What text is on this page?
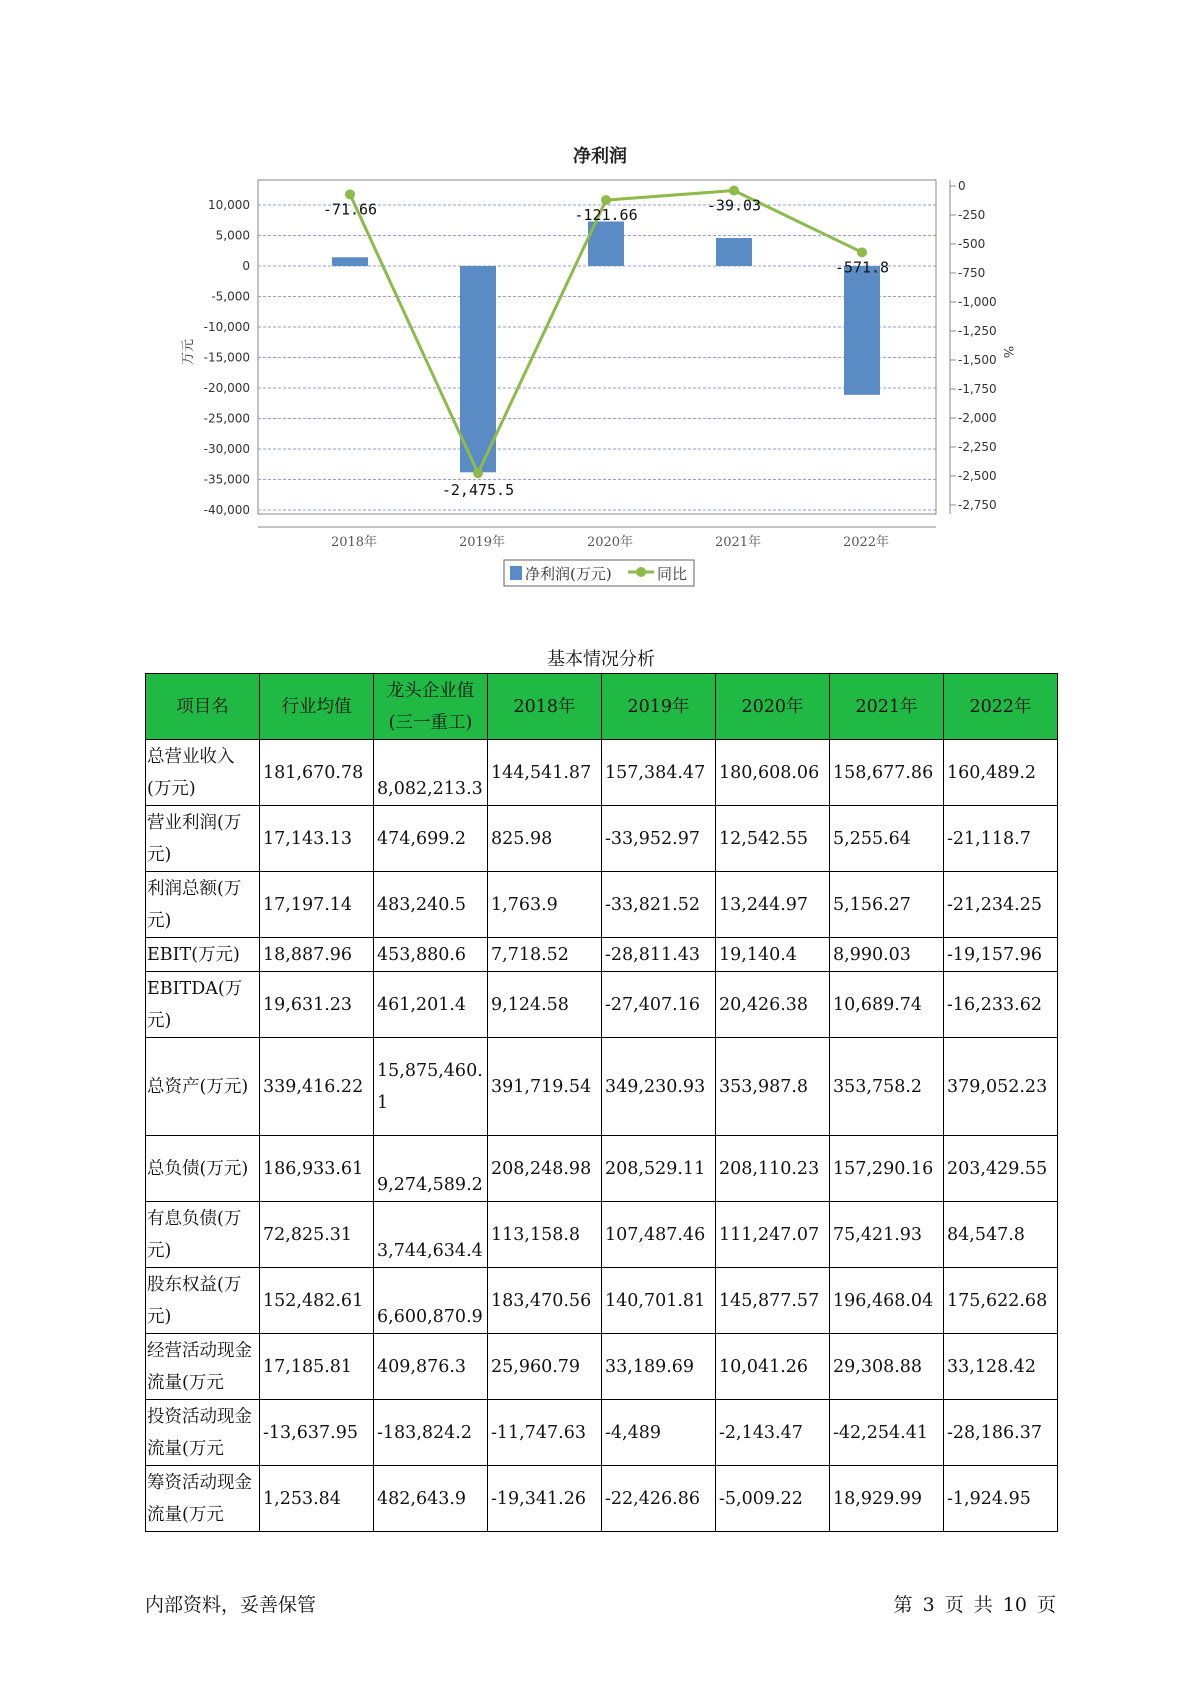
净利润
10,000
5,000
0
-5,000
-10,000
-15,000
-20,000
-25,000
-30,000
-35,000
-40,000
0
-250
-500
-750
-1,000
-1,250
-1,500
-1,750
-2,000
-2,250
-2,500
-2,750
2018年	2019年	2020年	2021年	2022年
-71.66
-2,475.5
-121.66
-39.03
-571.8
万元	%
净利润(万元)	同比
基本情况分析
项目名	行业均值	龙头企业值(三一重工)	2018年	2019年	2020年	2021年	2022年
总营业收入(万元)	181,670.78	8,082,213.3	144,541.87	157,384.47	180,608.06	158,677.86	160,489.2
营业利润(万元)	17,143.13	474,699.2	825.98	-33,952.97	12,542.55	5,255.64	-21,118.7
利润总额(万元)	17,197.14	483,240.5	1,763.9	-33,821.52	13,244.97	5,156.27	-21,234.25
EBIT(万元)	18,887.96	453,880.6	7,718.52	-28,811.43	19,140.4	8,990.03	-19,157.96
EBITDA(万元)	19,631.23	461,201.4	9,124.58	-27,407.16	20,426.38	10,689.74	-16,233.62
总资产(万元)	339,416.22	15,875,460.1	391,719.54	349,230.93	353,987.8	353,758.2	379,052.23
总负债(万元)	186,933.61	9,274,589.2	208,248.98	208,529.11	208,110.23	157,290.16	203,429.55
有息负债(万元)	72,825.31	3,744,634.4	113,158.8	107,487.46	111,247.07	75,421.93	84,547.8
股东权益(万元)	152,482.61	6,600,870.9	183,470.56	140,701.81	145,877.57	196,468.04	175,622.68
经营活动现金流量(万元	17,185.81	409,876.3	25,960.79	33,189.69	10,041.26	29,308.88	33,128.42
投资活动现金流量(万元	-13,637.95	-183,824.2	-11,747.63	-4,489	-2,143.47	-42,254.41	-28,186.37
筹资活动现金流量(万元	1,253.84	482,643.9	-19,341.26	-22,426.86	-5,009.22	18,929.99	-1,924.95
内部资料，妥善保管	第 3 页 共 10 页
